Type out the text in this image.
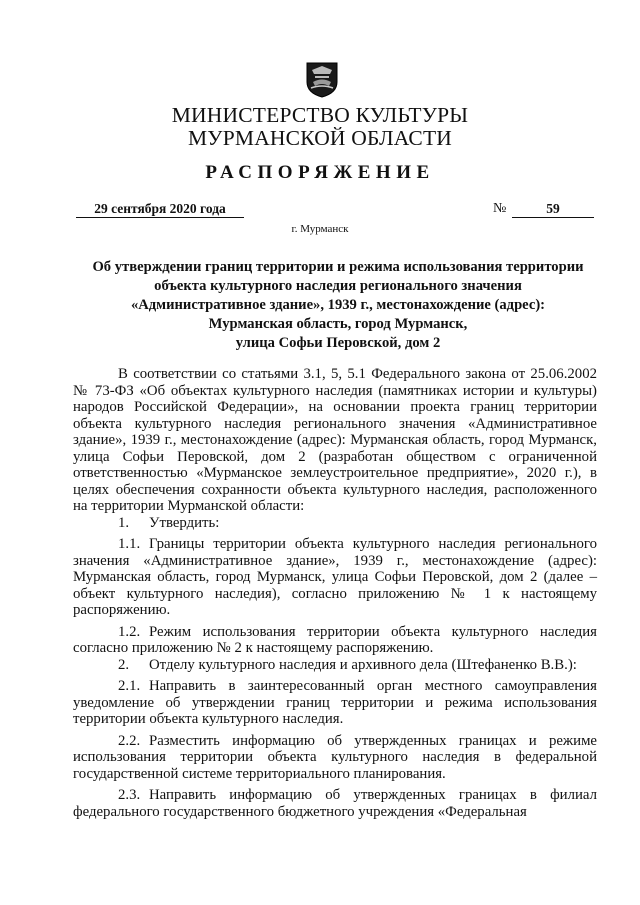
МИНИСТЕРСТВО КУЛЬТУРЫ
МУРМАНСКОЙ ОБЛАСТИ
РАСПОРЯЖЕНИЕ
29 сентября 2020 года	№	59
г. Мурманск
Об утверждении границ территории и режима использования территории
объекта культурного наследия регионального значения
«Административное здание», 1939 г., местонахождение (адрес):
Мурманская область, город Мурманск,
улица Софьи Перовской, дом 2

В соответствии со статьями 3.1, 5, 5.1 Федерального закона от 25.06.2002 № 73-ФЗ «Об объектах культурного наследия (памятниках истории и культуры) народов Российской Федерации», на основании проекта границ территории объекта культурного наследия регионального значения «Административное здание», 1939 г., местонахождение (адрес): Мурманская область, город Мурманск, улица Софьи Перовской, дом 2 (разработан обществом с ограниченной ответственностью «Мурманское землеустроительное предприятие», 2020 г.), в целях обеспечения сохранности объекта культурного наследия, расположенного на территории Мурманской области:

1. Утвердить:

1.1. Границы территории объекта культурного наследия регионального значения «Административное здание», 1939 г., местонахождение (адрес): Мурманская область, город Мурманск, улица Софьи Перовской, дом 2 (далее – объект культурного наследия), согласно приложению № 1 к настоящему распоряжению.

1.2. Режим использования территории объекта культурного наследия согласно приложению № 2 к настоящему распоряжению.

2. Отделу культурного наследия и архивного дела (Штефаненко В.В.):

2.1. Направить в заинтересованный орган местного самоуправления уведомление об утверждении границ территории и режима использования территории объекта культурного наследия.

2.2. Разместить информацию об утвержденных границах и режиме использования территории объекта культурного наследия в федеральной государственной системе территориального планирования.

2.3. Направить информацию об утвержденных границах в филиал федерального государственного бюджетного учреждения «Федеральная
